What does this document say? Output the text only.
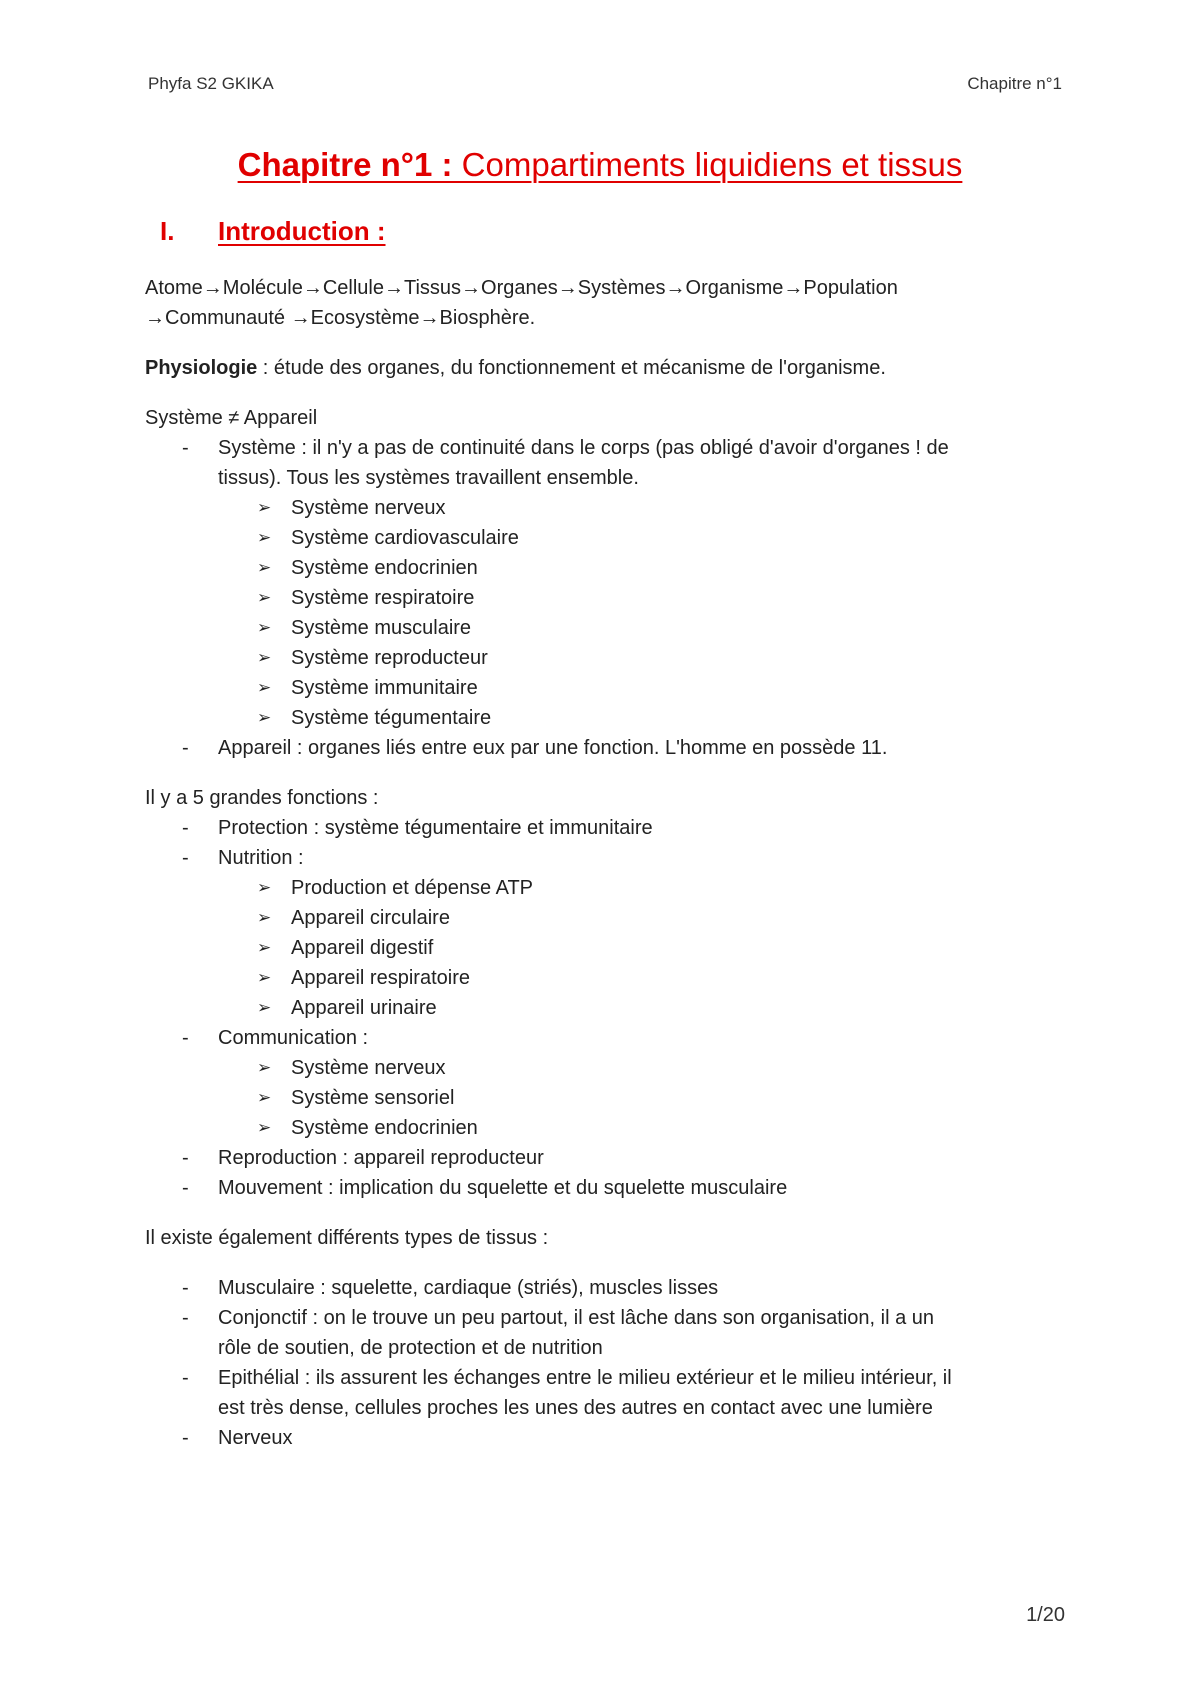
Phyfa S2 GKIKA	Chapitre n°1
Chapitre n°1 : Compartiments liquidiens et tissus
I. Introduction :

Atome→Molécule→Cellule→Tissus→Organes→Systèmes→Organisme→Population

→Communauté →Ecosystème→Biosphère.

Physiologie : étude des organes, du fonctionnement et mécanisme de l'organisme.

Système ≠ Appareil

- Système : il n'y a pas de continuité dans le corps (pas obligé d'avoir d'organes ! de
tissus). Tous les systèmes travaillent ensemble.
➢ Système nerveux
➢ Système cardiovasculaire
➢ Système endocrinien
➢ Système respiratoire
➢ Système musculaire
➢ Système reproducteur
➢ Système immunitaire
➢ Système tégumentaire
- Appareil : organes liés entre eux par une fonction. L'homme en possède 11.

Il y a 5 grandes fonctions :

- Protection : système tégumentaire et immunitaire
- Nutrition :
➢ Production et dépense ATP
➢ Appareil circulaire
➢ Appareil digestif
➢ Appareil respiratoire
➢ Appareil urinaire
- Communication :
➢ Système nerveux
➢ Système sensoriel
➢ Système endocrinien
- Reproduction : appareil reproducteur
- Mouvement : implication du squelette et du squelette musculaire

Il existe également différents types de tissus :

- Musculaire : squelette, cardiaque (striés), muscles lisses
- Conjonctif : on le trouve un peu partout, il est lâche dans son organisation, il a un
rôle de soutien, de protection et de nutrition
- Epithélial : ils assurent les échanges entre le milieu extérieur et le milieu intérieur, il
est très dense, cellules proches les unes des autres en contact avec une lumière
- Nerveux
1/20
